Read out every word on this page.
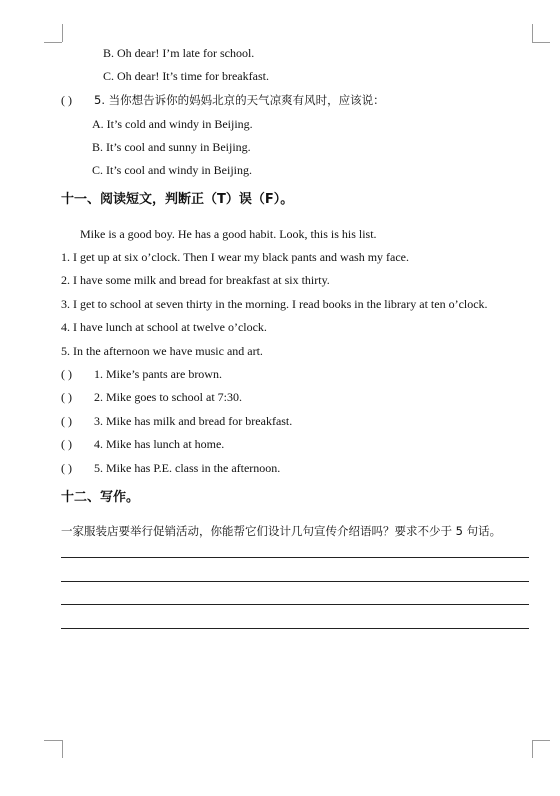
B. Oh dear! I’m late for school.
C. Oh dear! It’s time for breakfast.
( ) 5. 当你想告诉你的妈妈北京的天气凉爽有风时，应该说：
A. It’s cold and windy in Beijing.
B. It’s cool and sunny in Beijing.
C. It’s cool and windy in Beijing.
十一、阅读短文，判断正（T）误（F）。
Mike is a good boy. He has a good habit. Look, this is his list.
1. I get up at six o’clock. Then I wear my black pants and wash my face.
2. I have some milk and bread for breakfast at six thirty.
3. I get to school at seven thirty in the morning. I read books in the library at ten o’clock.
4. I have lunch at school at twelve o’clock.
5. In the afternoon we have music and art.
( ) 1. Mike’s pants are brown.
( ) 2. Mike goes to school at 7:30.
( ) 3. Mike has milk and bread for breakfast.
( ) 4. Mike has lunch at home.
( ) 5. Mike has P.E. class in the afternoon.
十二、写作。
一家服装店要举行促销活动，你能帮它们设计几句宣传介绍语吗？要求不少于 5 句话。
